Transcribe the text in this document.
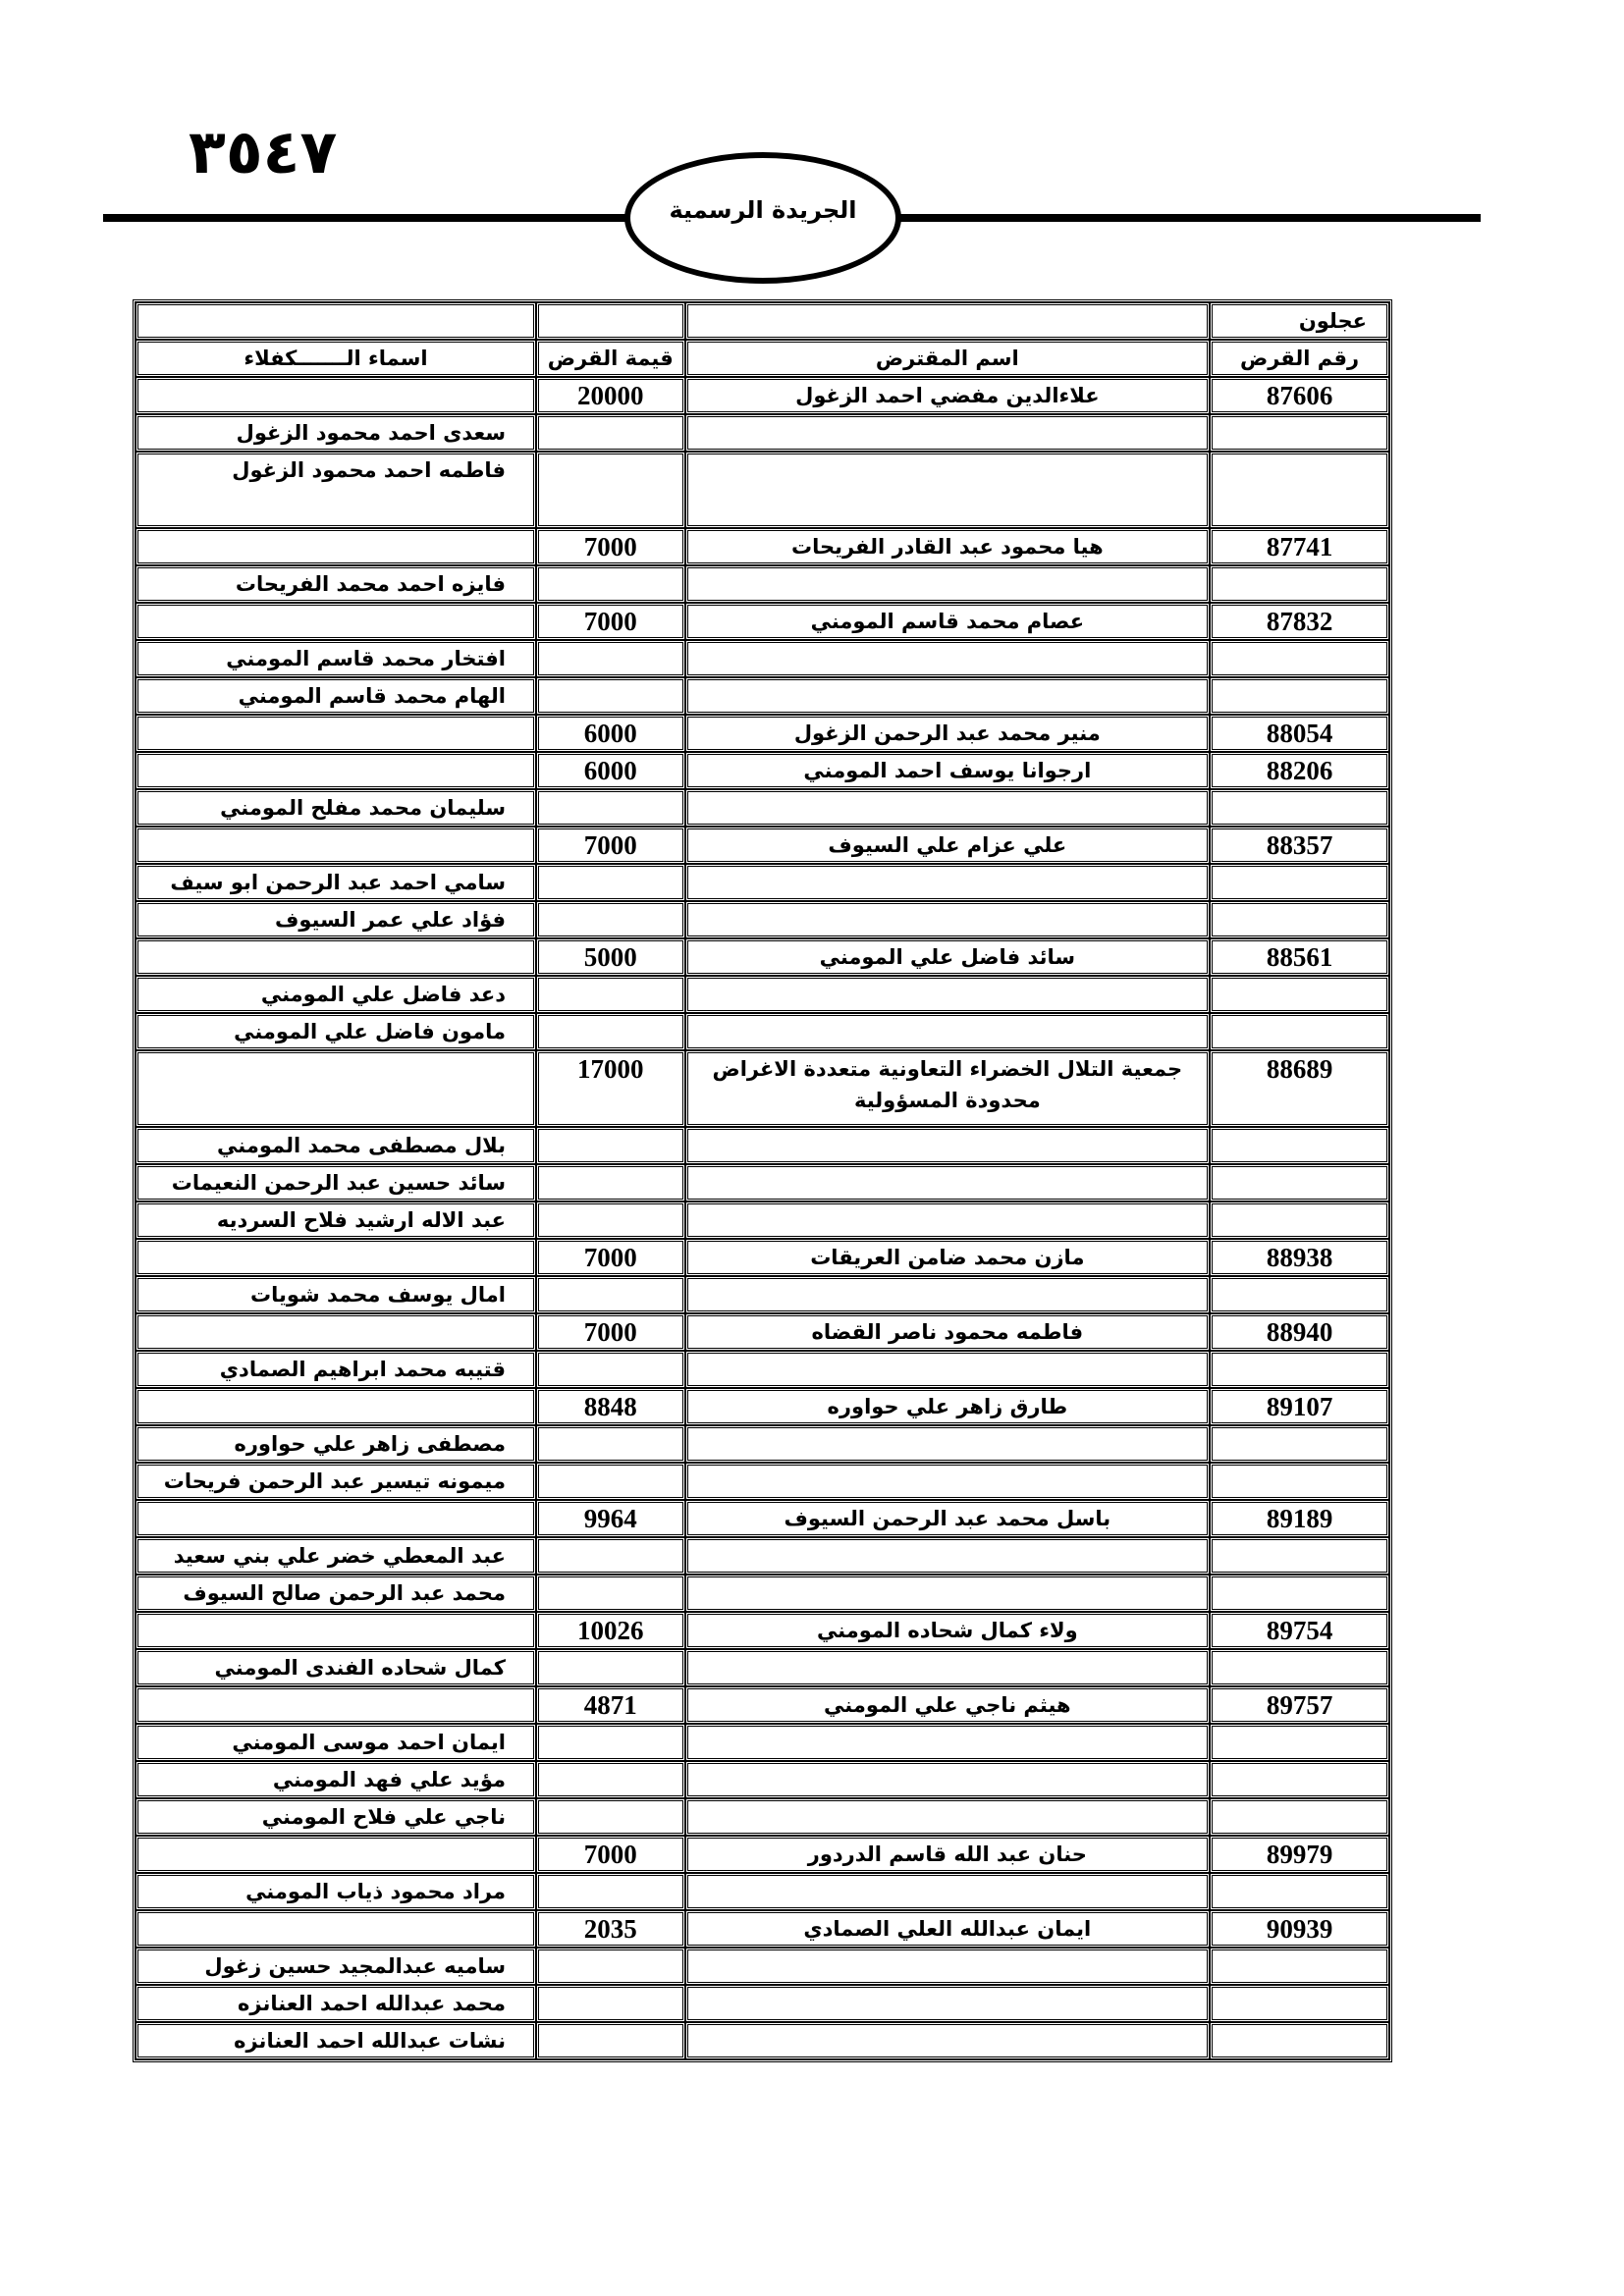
٣٥٤٧
الجريدة الرسمية
عجلون			
رقم القرض	اسم المقترض	قيمة القرض	اسماء الـــــــكفلاء
87606	علاءالدين مفضي احمد الزغول	20000	
			سعدى احمد محمود الزغول
			فاطمه احمد محمود الزغول
87741	هيا محمود عبد القادر الفريحات	7000	
			فايزه احمد محمد الفريحات
87832	عصام محمد قاسم المومني	7000	
			افتخار محمد قاسم المومني
			الهام محمد قاسم المومني
88054	منير محمد عبد الرحمن الزغول	6000	
88206	ارجوانا يوسف احمد المومني	6000	
			سليمان محمد مفلح المومني
88357	علي عزام علي السيوف	7000	
			سامي احمد عبد الرحمن ابو سيف
			فؤاد علي عمر السيوف
88561	سائد فاضل علي المومني	5000	
			دعد فاضل علي المومني
			مامون فاضل علي المومني
88689	جمعية التلال الخضراء التعاونية متعددة الاغراض محدودة المسؤولية	17000	
			بلال مصطفى محمد المومني
			سائد حسين عبد الرحمن النعيمات
			عبد الاله ارشيد فلاح السرديه
88938	مازن محمد ضامن العريقات	7000	
			امال يوسف محمد شويات
88940	فاطمه محمود ناصر القضاه	7000	
			قتيبه محمد ابراهيم الصمادي
89107	طارق زاهر علي حواوره	8848	
			مصطفى زاهر علي حواوره
			ميمونه تيسير عبد الرحمن فريحات
89189	باسل محمد عبد الرحمن السيوف	9964	
			عبد المعطي خضر علي بني سعيد
			محمد عبد الرحمن صالح السيوف
89754	ولاء كمال شحاده المومني	10026	
			كمال شحاده الفندى المومني
89757	هيثم ناجي علي المومني	4871	
			ايمان احمد موسى المومني
			مؤيد علي فهد المومني
			ناجي علي فلاح المومني
89979	حنان عبد الله قاسم الدردور	7000	
			مراد محمود ذياب المومني
90939	ايمان عبدالله العلي الصمادي	2035	
			ساميه عبدالمجيد حسين زغول
			محمد عبدالله احمد العنانزه
			نشات عبدالله احمد العنانزه
